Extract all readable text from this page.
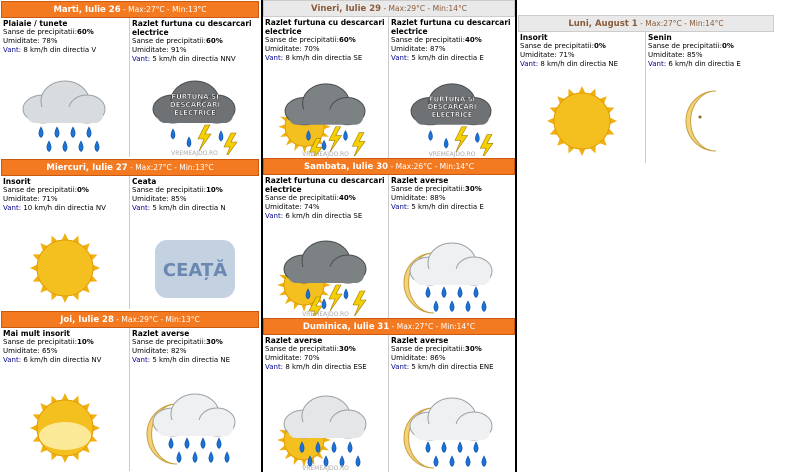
Marti, Iulie 26 - Max:27°C - Min:13°C
Plaiaie / tunete
Sanse de precipitatii:60%
Umiditate: 78%
Vant: 8 km/h din directia V
Razlet furtuna cu descarcari electrice
Sanse de precipitatii:60%
Umiditate: 91%
Vant: 5 km/h din directia NNV
FURTUNA SI
DESCARCARI
ELECTRICE
VREMEAJDO.RO
Miercuri, Iulie 27 - Max:27°C - Min:13°C
Insorit
Sanse de precipitatii:0%
Umiditate: 71%
Vant: 10 km/h din directia NV
Ceata
Sanse de precipitatii:10%
Umiditate: 85%
Vant: 5 km/h din directia N
CEAȚĂ
Joi, Iulie 28 - Max:29°C - Min:13°C
Mai mult insorit
Sanse de precipitatii:10%
Umiditate: 65%
Vant: 6 km/h din directia NV
Razlet averse
Sanse de precipitatii:30%
Umiditate: 82%
Vant: 5 km/h din directia NE
Vineri, Iulie 29 - Max:29°C - Min:14°C
Razlet furtuna cu descarcari electrice
Sanse de precipitatii:60%
Umiditate: 70%
Vant: 8 km/h din directia SE
VREMEAJDO.RO
Razlet furtuna cu descarcari electrice
Sanse de precipitatii:40%
Umiditate: 87%
Vant: 5 km/h din directia E
FURTUNA SI
DESCARCARI
ELECTRICE
VREMEAJDO.RO
Sambata, Iulie 30 - Max:26°C - Min:14°C
Razlet furtuna cu descarcari electrice
Sanse de precipitatii:40%
Umiditate: 74%
Vant: 6 km/h din directia SE
VREMEAJDO.RO
Razlet averse
Sanse de precipitatii:30%
Umiditate: 88%
Vant: 5 km/h din directia E
Duminica, Iulie 31 - Max:27°C - Min:14°C
Razlet averse
Sanse de precipitatii:30%
Umiditate: 70%
Vant: 8 km/h din directia ESE
VREMEAJDO.RO
Razlet averse
Sanse de precipitatii:30%
Umiditate: 86%
Vant: 5 km/h din directia ENE
Luni, August 1 - Max:27°C - Min:14°C
Insorit
Sanse de precipitatii:0%
Umiditate: 71%
Vant: 8 km/h din directia NE
Senin
Sanse de precipitatii:0%
Umiditate: 85%
Vant: 6 km/h din directia E
